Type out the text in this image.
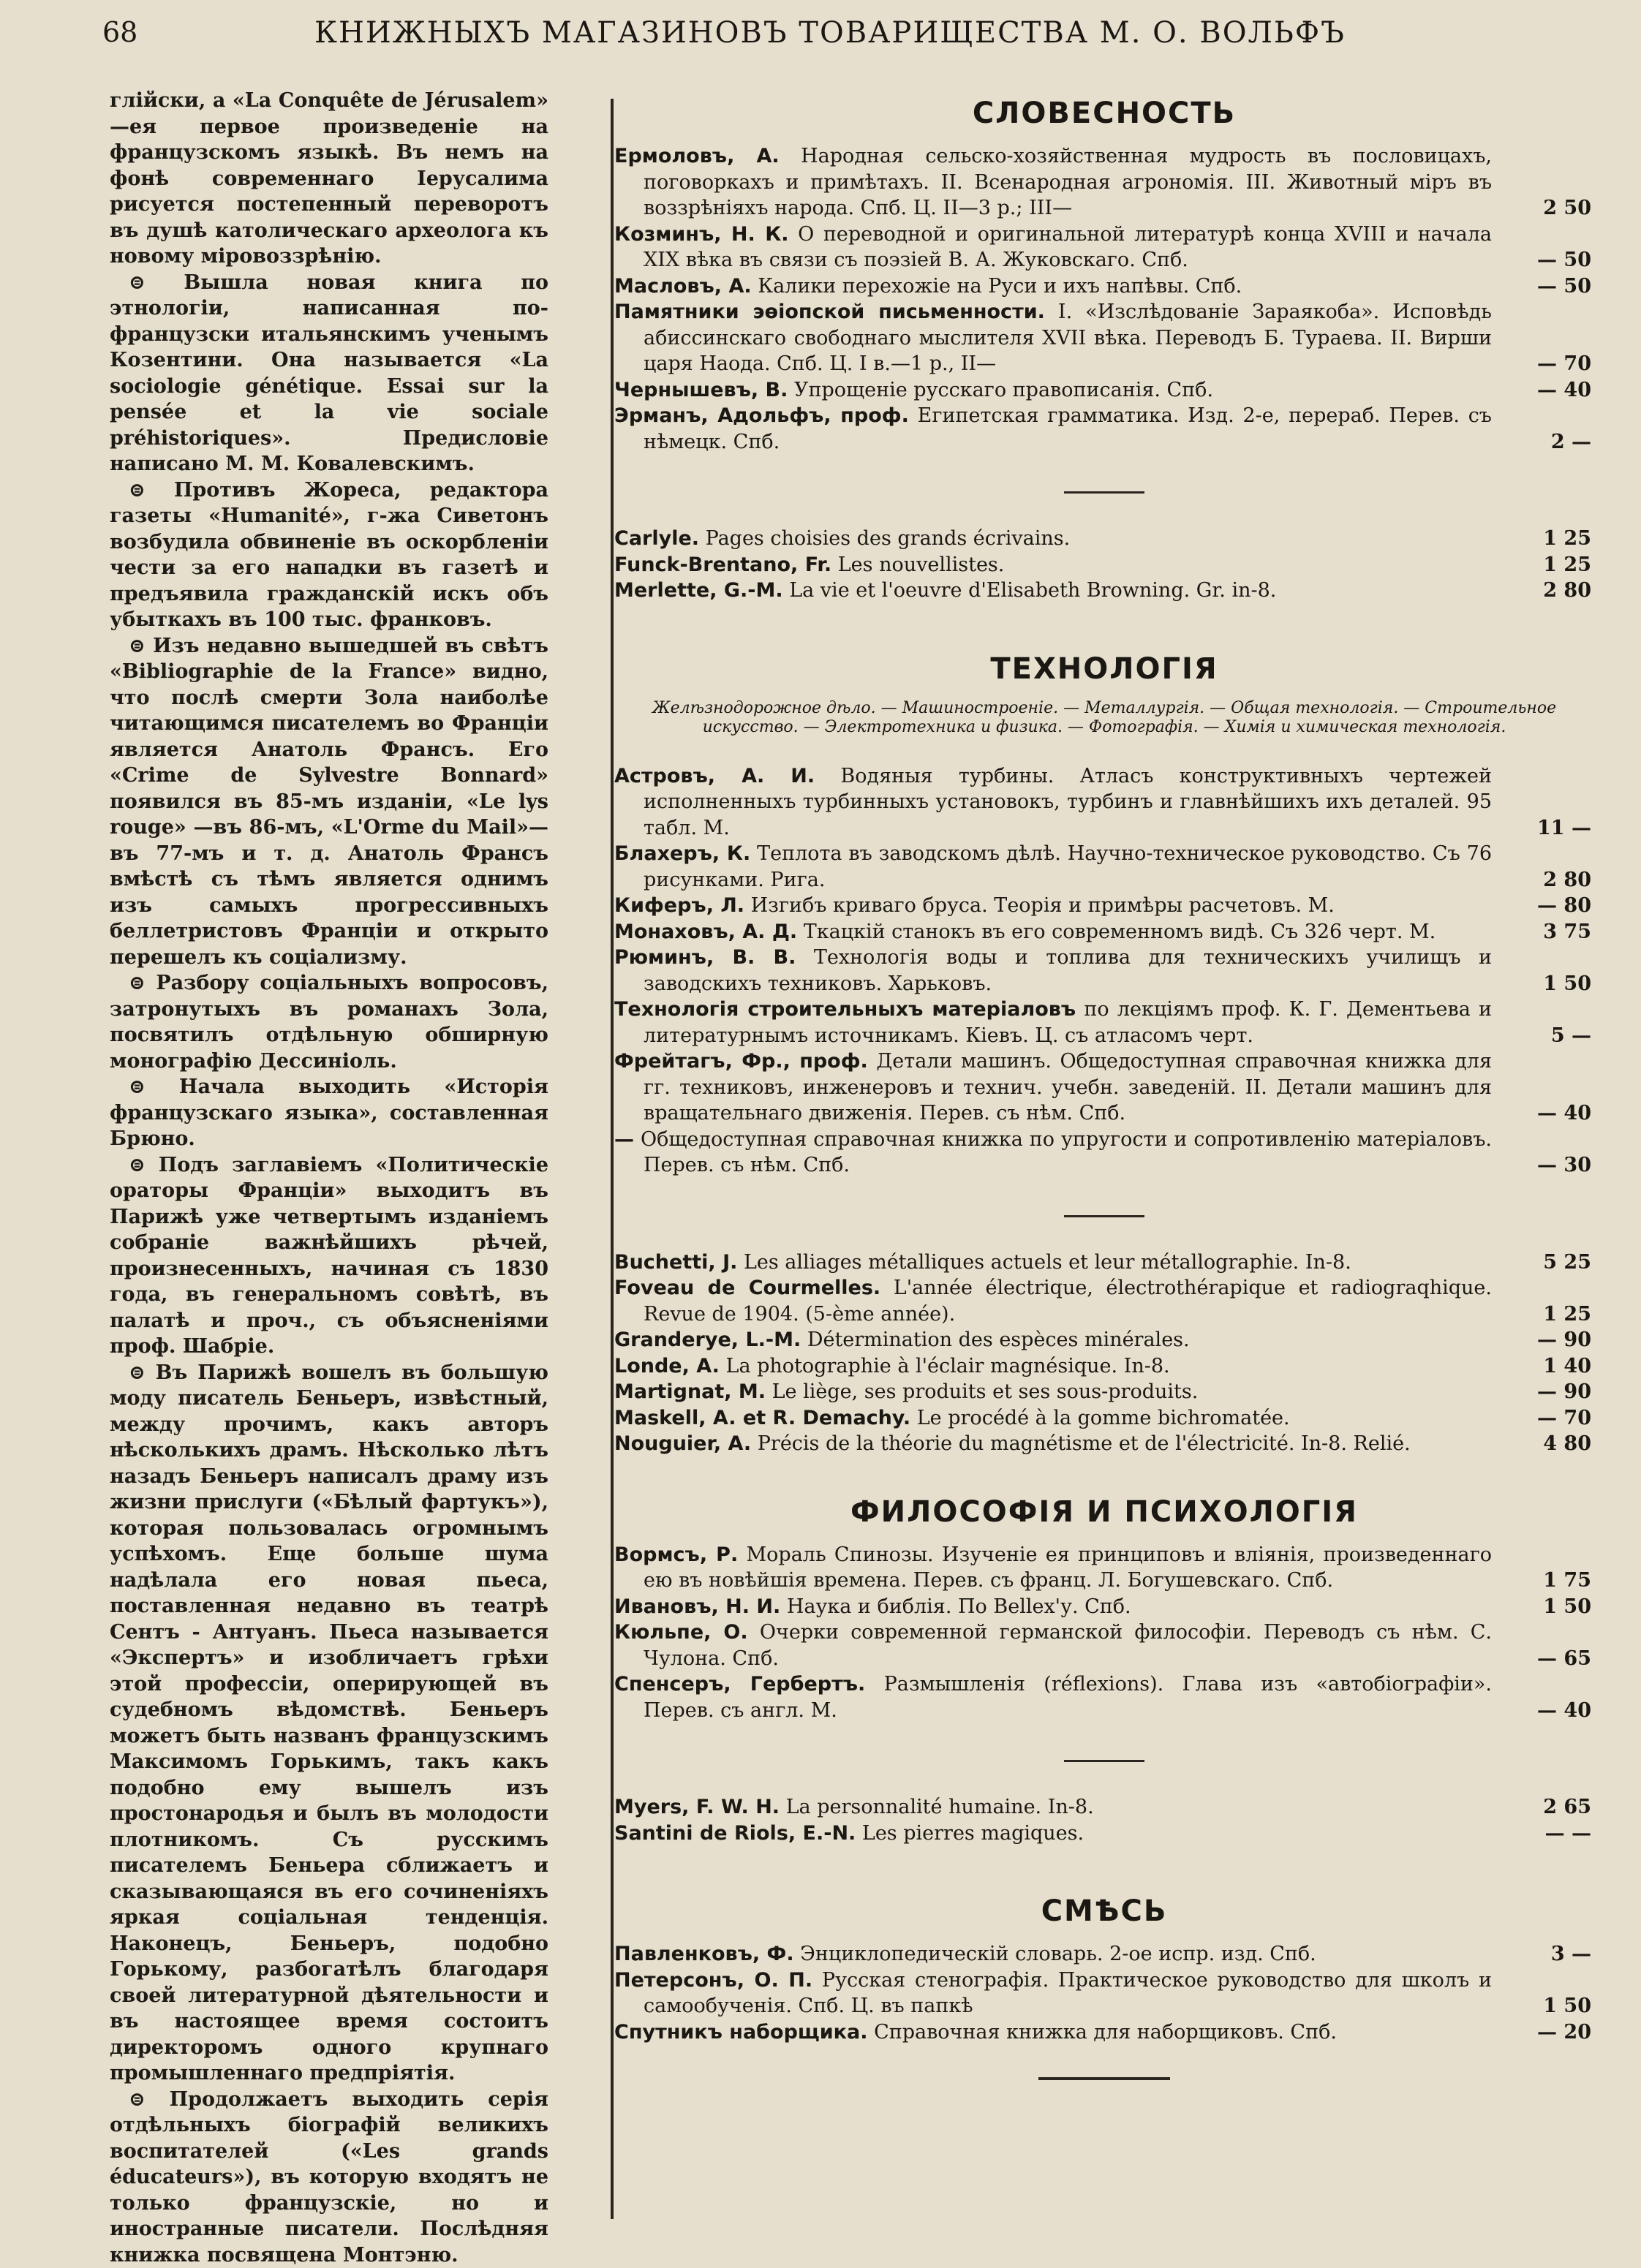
68	КНИЖНЫХЪ МАГАЗИНОВЪ ТОВАРИЩЕСТВА М. О. ВОЛЬФЪ

глійски, а «La Conquête de Jérusalem» —ея первое произведеніе на французскомъ языкѣ. Въ немъ на фонѣ современнаго Іерусалима рисуется постепенный переворотъ въ душѣ католическаго археолога къ новому міровоззрѣнію.

⊜ Вышла новая книга по этнологіи, написанная по-французски итальянскимъ ученымъ Козентини. Она называется «La sociologie génétique. Essai sur la pensée et la vie sociale préhistoriques». Предисловіе написано М. М. Ковалевскимъ.

⊜ Противъ Жореса, редактора газеты «Humanité», г-жа Сиветонъ возбудила обвиненіе въ оскорбленіи чести за его нападки въ газетѣ и предъявила гражданскій искъ объ убыткахъ въ 100 тыс. франковъ.

⊜ Изъ недавно вышедшей въ свѣтъ «Bibliographie de la France» видно, что послѣ смерти Зола наиболѣе читающимся писателемъ во Франціи является Анатоль Франсъ. Его «Crime de Sylvestre Bonnard» появился въ 85-мъ изданіи, «Le lys rouge» —въ 86-мъ, «L'Orme du Mail»— въ 77-мъ и т. д. Анатоль Франсъ вмѣстѣ съ тѣмъ является однимъ изъ самыхъ прогрессивныхъ беллетристовъ Франціи и открыто перешелъ къ соціализму.

⊜ Разбору соціальныхъ вопросовъ, затронутыхъ въ романахъ Зола, посвятилъ отдѣльную обширную монографію Дессиніоль.

⊜ Начала выходить «Исторія французскаго языка», составленная Брюно.

⊜ Подъ заглавіемъ «Политическіе ораторы Франціи» выходитъ въ Парижѣ уже четвертымъ изданіемъ собраніе важнѣйшихъ рѣчей, произнесенныхъ, начиная съ 1830 года, въ генеральномъ совѣтѣ, въ палатѣ и проч., съ объясненіями проф. Шабріе.

⊜ Въ Парижѣ вошелъ въ большую моду писатель Беньеръ, извѣстный, между прочимъ, какъ авторъ нѣсколькихъ драмъ. Нѣсколько лѣтъ назадъ Беньеръ написалъ драму изъ жизни прислуги («Бѣлый фартукъ»), которая пользовалась огромнымъ успѣхомъ. Еще больше шума надѣлала его новая пьеса, поставленная недавно въ театрѣ Сентъ - Антуанъ. Пьеса называется «Экспертъ» и изобличаетъ грѣхи этой профессіи, оперирующей въ судебномъ вѣдомствѣ. Беньеръ можетъ быть названъ французскимъ Максимомъ Горькимъ, такъ какъ подобно ему вышелъ изъ простонародья и былъ въ молодости плотникомъ. Съ русскимъ писателемъ Беньера сближаетъ и сказывающаяся въ его сочиненіяхъ яркая соціальная тенденція. Наконецъ, Беньеръ, подобно Горькому, разбогатѣлъ благодаря своей литературной дѣятельности и въ настоящее время состоитъ директоромъ одного крупнаго промышленнаго предпріятія.

⊜ Продолжаетъ выходить серія отдѣльныхъ біографій великихъ воспитателей («Les grands éducateurs»), въ которую входятъ не только французскіе, но и иностранные писатели. Послѣдняя книжка посвящена Монтэню.

СЛОВЕСНОСТЬ
Ермоловъ, А. Народная сельско-хозяйственная мудрость въ пословицахъ, поговоркахъ и примѣтахъ. II. Всенародная агрономія. III. Животный міръ въ воззрѣніяхъ народа. Спб. Ц. II—3 р.; III—	2 50
Козминъ, Н. К. О переводной и оригинальной литературѣ конца XVIII и начала XIX вѣка въ связи съ поэзіей В. А. Жуковскаго. Спб.	— 50
Масловъ, А. Калики перехожіе на Руси и ихъ напѣвы. Спб.	— 50
Памятники эѳіопской письменности. I. «Изслѣдованіе Зараякоба». Исповѣдь абиссинскаго свободнаго мыслителя XVII вѣка. Переводъ Б. Тураева. II. Вирши царя Наода. Спб. Ц. I в.—1 р., II—	— 70
Чернышевъ, В. Упрощеніе русскаго правописанія. Спб.	— 40
Эрманъ, Адольфъ, проф. Египетская грамматика. Изд. 2-е, перераб. Перев. съ нѣмецк. Спб.	2 —
Carlyle. Pages choisies des grands écrivains.	1 25
Funck-Brentano, Fr. Les nouvellistes.	1 25
Merlette, G.-M. La vie et l'oeuvre d'Elisabeth Browning. Gr. in-8.	2 80
ТЕХНОЛОГІЯ
Желѣзнодорожное дѣло. — Машиностроеніе. — Металлургія. — Общая технологія. — Строительное искусство. — Электротехника и физика. — Фотографія. — Химія и химическая технологія.
Астровъ, А. И. Водяныя турбины. Атласъ конструктивныхъ чертежей исполненныхъ турбинныхъ установокъ, турбинъ и главнѣйшихъ ихъ деталей. 95 табл. М.	11 —
Блахеръ, К. Теплота въ заводскомъ дѣлѣ. Научно-техническое руководство. Съ 76 рисунками. Рига.	2 80
Киферъ, Л. Изгибъ криваго бруса. Теорія и примѣры расчетовъ. М.	— 80
Монаховъ, А. Д. Ткацкій станокъ въ его современномъ видѣ. Съ 326 черт. М.	3 75
Рюминъ, В. В. Технологія воды и топлива для техническихъ училищъ и заводскихъ техниковъ. Харьковъ.	1 50
Технологія строительныхъ матеріаловъ по лекціямъ проф. К. Г. Дементьева и литературнымъ источникамъ. Кіевъ. Ц. съ атласомъ черт.	5 —
Фрейтагъ, Фр., проф. Детали машинъ. Общедоступная справочная книжка для гг. техниковъ, инженеровъ и технич. учебн. заведеній. II. Детали машинъ для вращательнаго движенія. Перев. съ нѣм. Спб.	— 40
— Общедоступная справочная книжка по упругости и сопротивленію матеріаловъ. Перев. съ нѣм. Спб.	— 30
Buchetti, J. Les alliages métalliques actuels et leur métallographie. In-8.	5 25
Foveau de Courmelles. L'année électrique, électrothérapique et radiograqhique. Revue de 1904. (5-ème année).	1 25
Granderye, L.-M. Détermination des espèces minérales.	— 90
Londe, A. La photographie à l'éclair magnésique. In-8.	1 40
Martignat, M. Le liège, ses produits et ses sous-produits.	— 90
Maskell, A. et R. Demachy. Le procédé à la gomme bichromatée.	— 70
Nouguier, A. Précis de la théorie du magnétisme et de l'électricité. In-8. Relié.	4 80
ФИЛОСОФІЯ И ПСИХОЛОГІЯ
Вормсъ, Р. Мораль Спинозы. Изученіе ея принциповъ и вліянія, произведеннаго ею въ новѣйшія времена. Перев. съ франц. Л. Богушевскаго. Спб.	1 75
Ивановъ, Н. И. Наука и библія. По Bellex'у. Спб.	1 50
Кюльпе, О. Очерки современной германской философіи. Переводъ съ нѣм. С. Чулона. Спб.	— 65
Спенсеръ, Гербертъ. Размышленія (réflexions). Глава изъ «автобіографіи». Перев. съ англ. М.	— 40
Myers, F. W. H. La personnalité humaine. In-8.	2 65
Santini de Riols, E.-N. Les pierres magiques.	— —
СМѢСЬ
Павленковъ, Ф. Энциклопедическій словарь. 2-ое испр. изд. Спб.	3 —
Петерсонъ, О. П. Русская стенографія. Практическое руководство для школъ и самообученія. Спб. Ц. въ папкѣ	1 50
Спутникъ наборщика. Справочная книжка для наборщиковъ. Спб.	— 20
